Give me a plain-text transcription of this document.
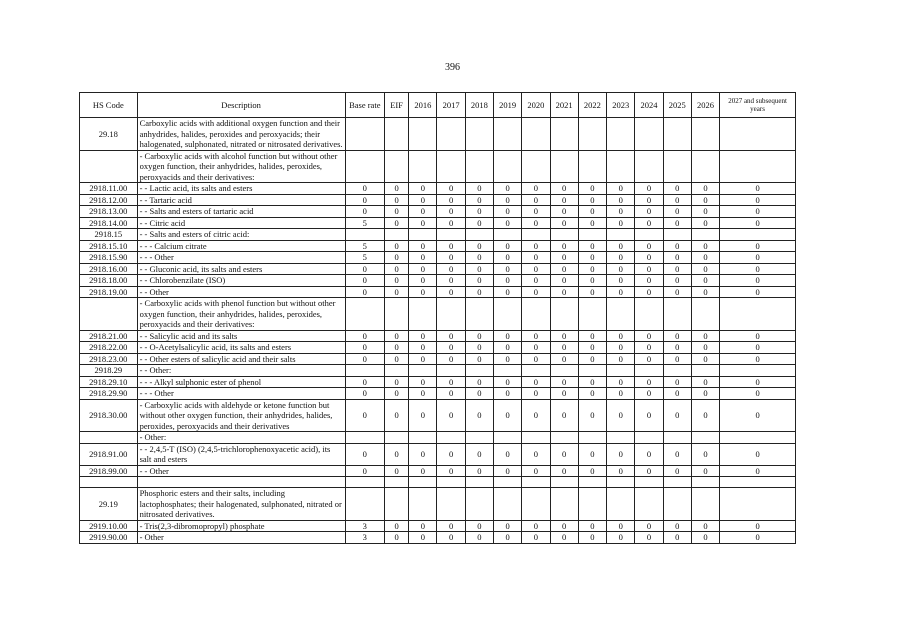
396
HS Code	Description	Base rate	EIF	2016	2017	2018	2019	2020	2021	2022	2023	2024	2025	2026	2027 and subsequent years
29.18	Carboxylic acids with additional oxygen function and their anhydrides, halides, peroxides and peroxyacids; their halogenated, sulphonated, nitrated or nitrosated derivatives.														
	- Carboxylic acids with alcohol function but without other oxygen function, their anhydrides, halides, peroxides, peroxyacids and their derivatives:														
2918.11.00	- - Lactic acid, its salts and esters	0	0	0	0	0	0	0	0	0	0	0	0	0	0
2918.12.00	- - Tartaric acid	0	0	0	0	0	0	0	0	0	0	0	0	0	0
2918.13.00	- - Salts and esters of tartaric acid	0	0	0	0	0	0	0	0	0	0	0	0	0	0
2918.14.00	- - Citric acid	5	0	0	0	0	0	0	0	0	0	0	0	0	0
2918.15	- - Salts and esters of citric acid:														
2918.15.10	- - - Calcium citrate	5	0	0	0	0	0	0	0	0	0	0	0	0	0
2918.15.90	- - - Other	5	0	0	0	0	0	0	0	0	0	0	0	0	0
2918.16.00	- - Gluconic acid, its salts and esters	0	0	0	0	0	0	0	0	0	0	0	0	0	0
2918.18.00	- - Chlorobenzilate (ISO)	0	0	0	0	0	0	0	0	0	0	0	0	0	0
2918.19.00	- - Other	0	0	0	0	0	0	0	0	0	0	0	0	0	0
	- Carboxylic acids with phenol function but without other oxygen function, their anhydrides, halides, peroxides, peroxyacids and their derivatives:														
2918.21.00	- - Salicylic acid and its salts	0	0	0	0	0	0	0	0	0	0	0	0	0	0
2918.22.00	- - O-Acetylsalicylic acid, its salts and esters	0	0	0	0	0	0	0	0	0	0	0	0	0	0
2918.23.00	- - Other esters of salicylic acid and their salts	0	0	0	0	0	0	0	0	0	0	0	0	0	0
2918.29	- - Other:														
2918.29.10	- - - Alkyl sulphonic ester of phenol	0	0	0	0	0	0	0	0	0	0	0	0	0	0
2918.29.90	- - - Other	0	0	0	0	0	0	0	0	0	0	0	0	0	0
2918.30.00	- Carboxylic acids with aldehyde or ketone function but without other oxygen function, their anhydrides, halides, peroxides, peroxyacids and their derivatives	0	0	0	0	0	0	0	0	0	0	0	0	0	0
	- Other:														
2918.91.00	- - 2,4,5-T (ISO) (2,4,5-trichlorophenoxyacetic acid), its salt and esters	0	0	0	0	0	0	0	0	0	0	0	0	0	0
2918.99.00	- - Other	0	0	0	0	0	0	0	0	0	0	0	0	0	0

29.19	Phosphoric esters and their salts, including lactophosphates; their halogenated, sulphonated, nitrated or nitrosated derivatives.														
2919.10.00	- Tris(2,3-dibromopropyl) phosphate	3	0	0	0	0	0	0	0	0	0	0	0	0	0
2919.90.00	- Other	3	0	0	0	0	0	0	0	0	0	0	0	0	0
